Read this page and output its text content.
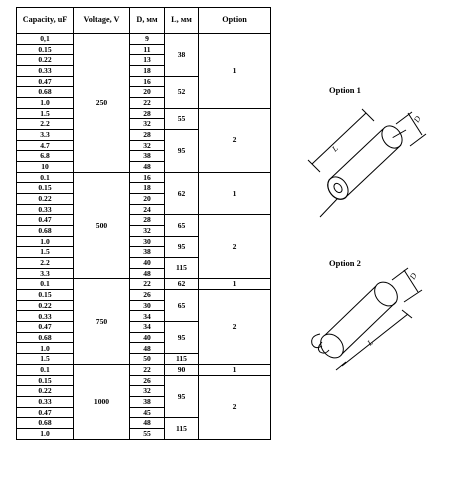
Capacity, uF	Voltage, V	D, мм	L, мм	Option
0,1	250	9	38	1
0.15		11		
0.22		13		
0.33		18		
0.47		16	52	
0.68		20		
1.0		22		
1.5		28	55	2
2.2		32		
3.3		28	95	
4.7		32		
6.8		38		
10		48		
0.1	500	16	62	1
0.15		18		
0.22		20		
0.33		24		
0.47		28	65	2
0.68		32		
1.0		30	95	
1.5		38		
2.2		40	115	
3.3		48		
0.1	750	22	62	1
0.15		26	65	2
0.22		30		
0.33		34		
0.47		34	95	
0.68		40		
1.0		48		
1.5		50	115	
0.1	1000	22	90	1
0.15		26	95	2
0.22		32		
0.33		38		
0.47		45		
0.68		48	115	
1.0		55		
Option 1
L
D
Option 2
L
D
